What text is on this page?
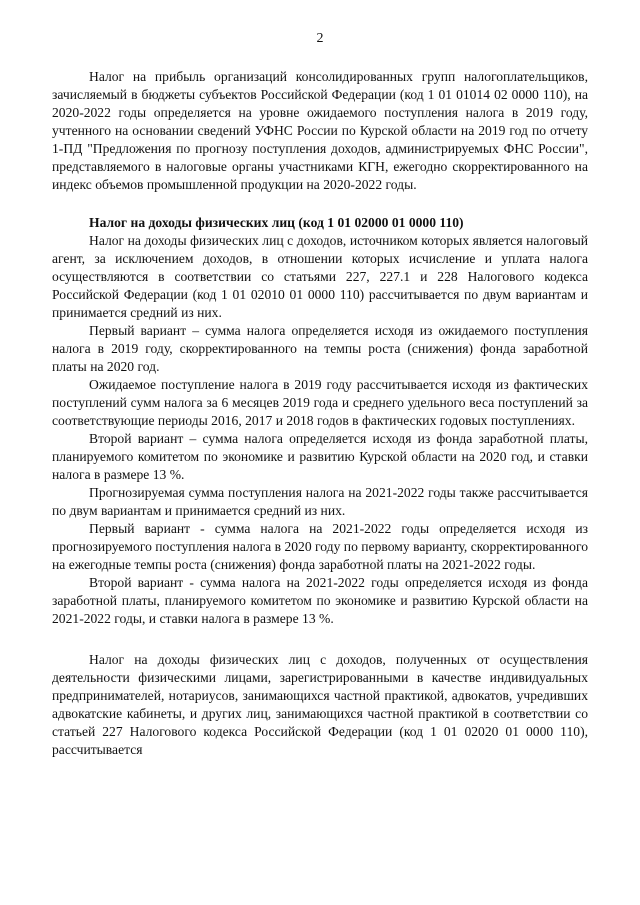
2

Налог на прибыль организаций консолидированных групп налогоплательщиков, зачисляемый в бюджеты субъектов Российской Федерации (код 1 01 01014 02 0000 110), на 2020-2022 годы определяется на уровне ожидаемого поступления налога в 2019 году, учтенного на основании сведений УФНС России по Курской области на 2019 год по отчету 1-ПД "Предложения по прогнозу поступления доходов, администрируемых ФНС России", представляемого в налоговые органы участниками КГН, ежегодно скорректированного на индекс объемов промышленной продукции на 2020-2022 годы.

Налог на доходы физических лиц (код 1 01 02000 01 0000 110)

Налог на доходы физических лиц с доходов, источником которых является налоговый агент, за исключением доходов, в отношении которых исчисление и уплата налога осуществляются в соответствии со статьями 227, 227.1 и 228 Налогового кодекса Российской Федерации (код 1 01 02010 01 0000 110) рассчитывается по двум вариантам и принимается средний из них.

Первый вариант – сумма налога определяется исходя из ожидаемого поступления налога в 2019 году, скорректированного на темпы роста (снижения) фонда заработной платы на 2020 год.

Ожидаемое поступление налога в 2019 году рассчитывается исходя из фактических поступлений сумм налога за 6 месяцев 2019 года и среднего удельного веса поступлений за соответствующие периоды 2016, 2017 и 2018 годов в фактических годовых поступлениях.

Второй вариант – сумма налога определяется исходя из фонда заработной платы, планируемого комитетом по экономике и развитию Курской области на 2020 год, и ставки налога в размере 13 %.

Прогнозируемая сумма поступления налога на 2021-2022 годы также рассчитывается по двум вариантам и принимается средний из них.

Первый вариант - сумма налога на 2021-2022 годы определяется исходя из прогнозируемого поступления налога в 2020 году по первому варианту, скорректированного на ежегодные темпы роста (снижения) фонда заработной платы на 2021-2022 годы.

Второй вариант - сумма налога на 2021-2022 годы определяется исходя из фонда заработной платы, планируемого комитетом по экономике и развитию Курской области на 2021-2022 годы, и ставки налога в размере 13 %.

Налог на доходы физических лиц с доходов, полученных от осуществления деятельности физическими лицами, зарегистрированными в качестве индивидуальных предпринимателей, нотариусов, занимающихся частной практикой, адвокатов, учредивших адвокатские кабинеты, и других лиц, занимающихся частной практикой в соответствии со статьей 227 Налогового кодекса Российской Федерации (код 1 01 02020 01 0000 110), рассчитывается
